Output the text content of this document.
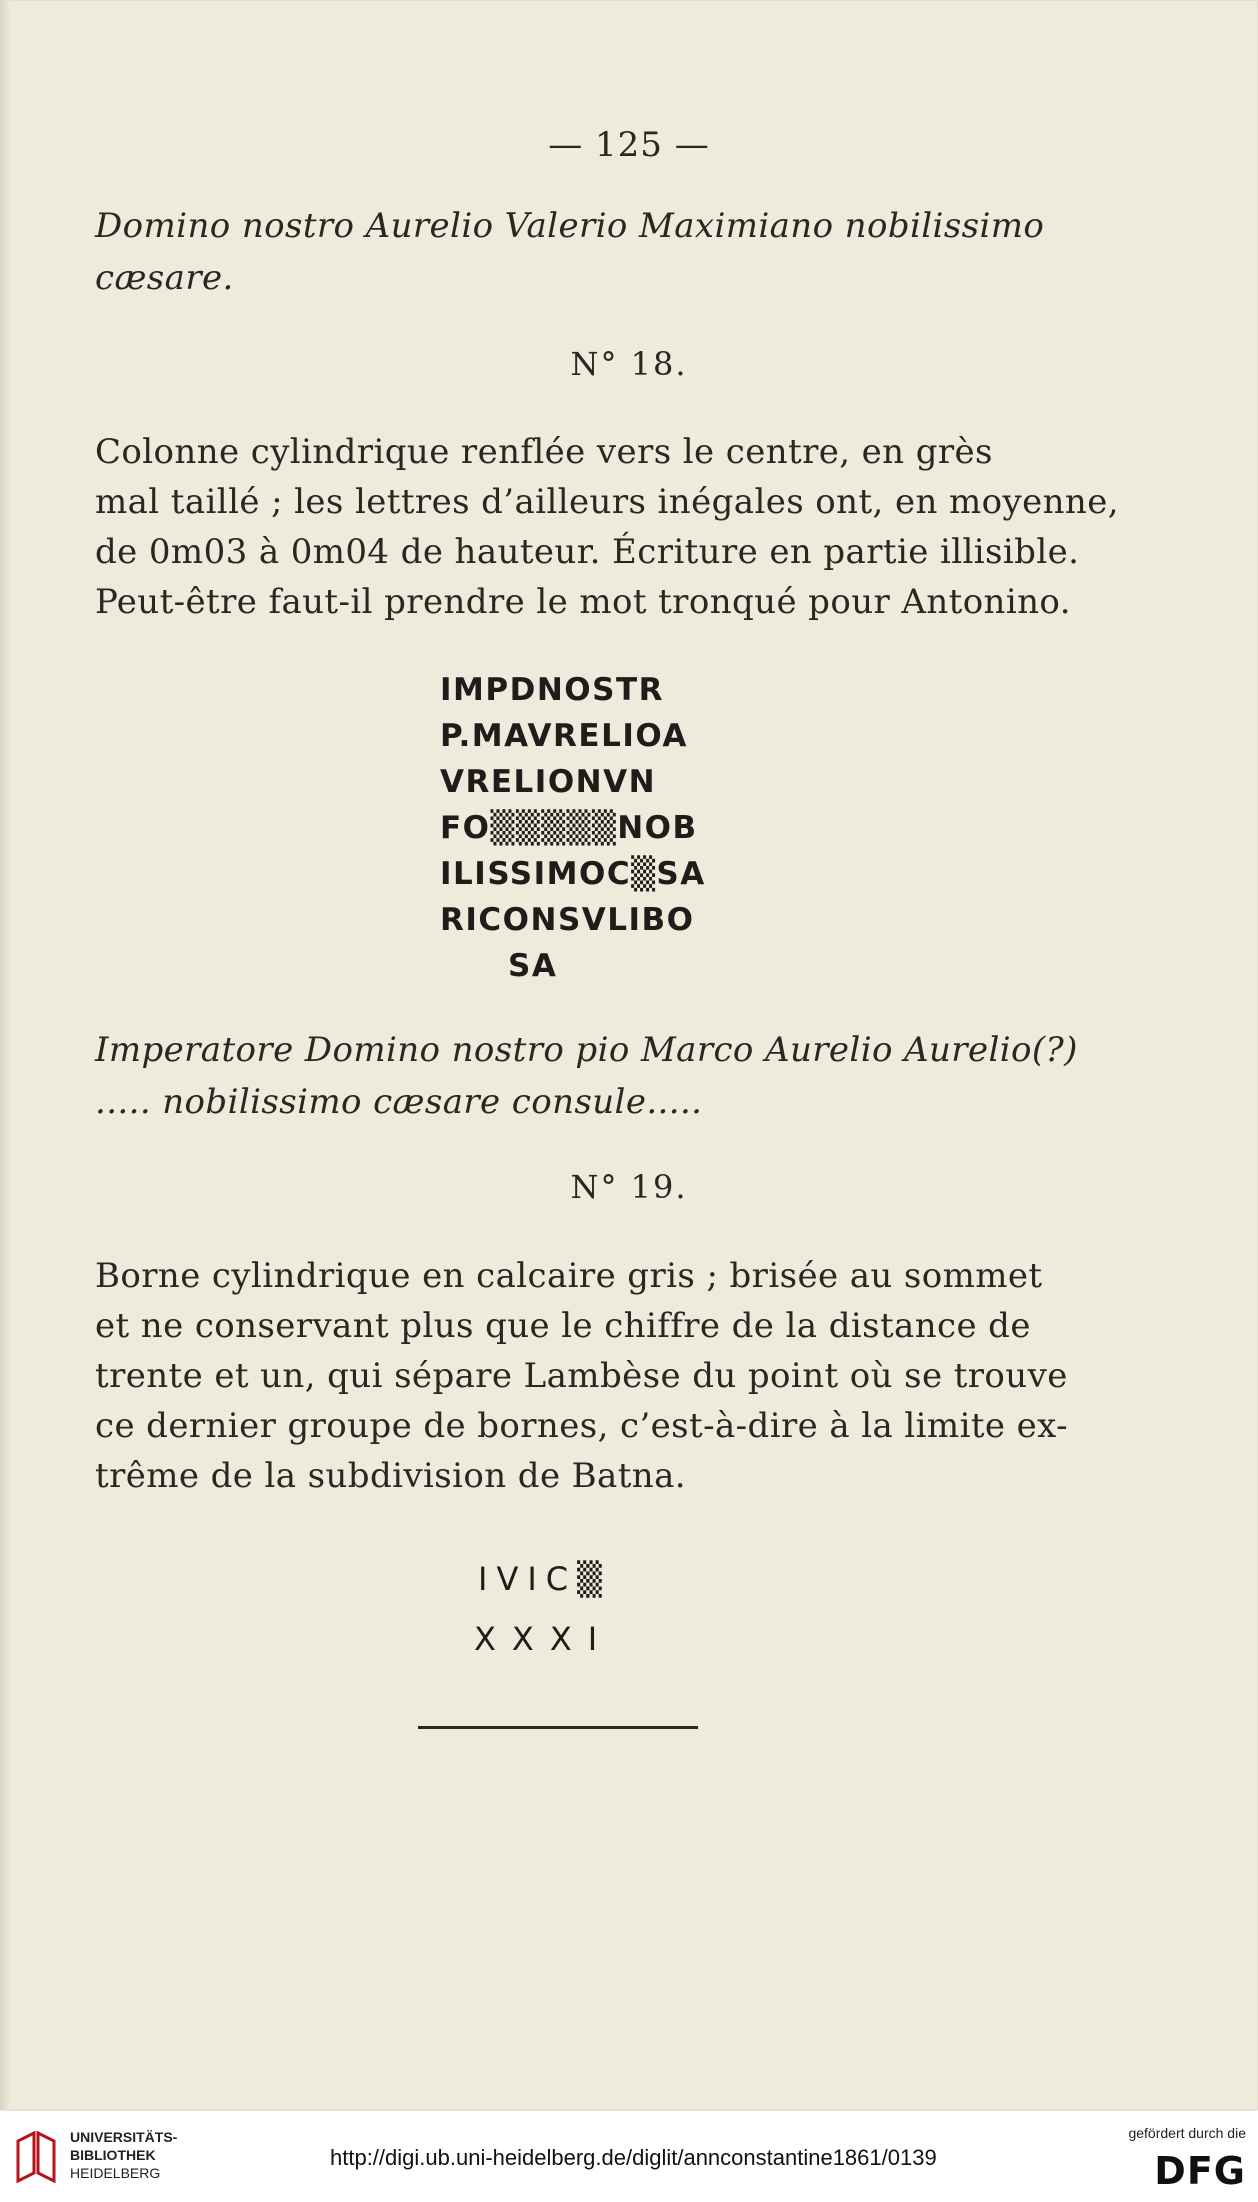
— 125 —
Domino nostro Aurelio Valerio Maximiano nobilissimo
cæsare.
N° 18.
Colonne cylindrique renflée vers le centre, en grès
mal taillé ; les lettres d’ailleurs inégales ont, en moyenne,
de 0m03 à 0m04 de hauteur. Écriture en partie illisible.
Peut-être faut-il prendre le mot tronqué pour Antonino.
IMPDNOSTR
P.MAVRELIOA
VRELIONVN
FO▒▒▒▒▒NOB
ILISSIMOC▒SA
RICONSVLIBO
SA
Imperatore Domino nostro pio Marco Aurelio Aurelio(?)
..... nobilissimo cæsare consule.....
N° 19.
Borne cylindrique en calcaire gris ; brisée au sommet
et ne conservant plus que le chiffre de la distance de
trente et un, qui sépare Lambèse du point où se trouve
ce dernier groupe de bornes, c’est-à-dire à la limite ex-
trême de la subdivision de Batna.
IVIC▒
XXXI
UNIVERSITÄTS-
BIBLIOTHEK
HEIDELBERG
http://digi.ub.uni-heidelberg.de/diglit/annconstantine1861/0139
gefördert durch die
DFG
